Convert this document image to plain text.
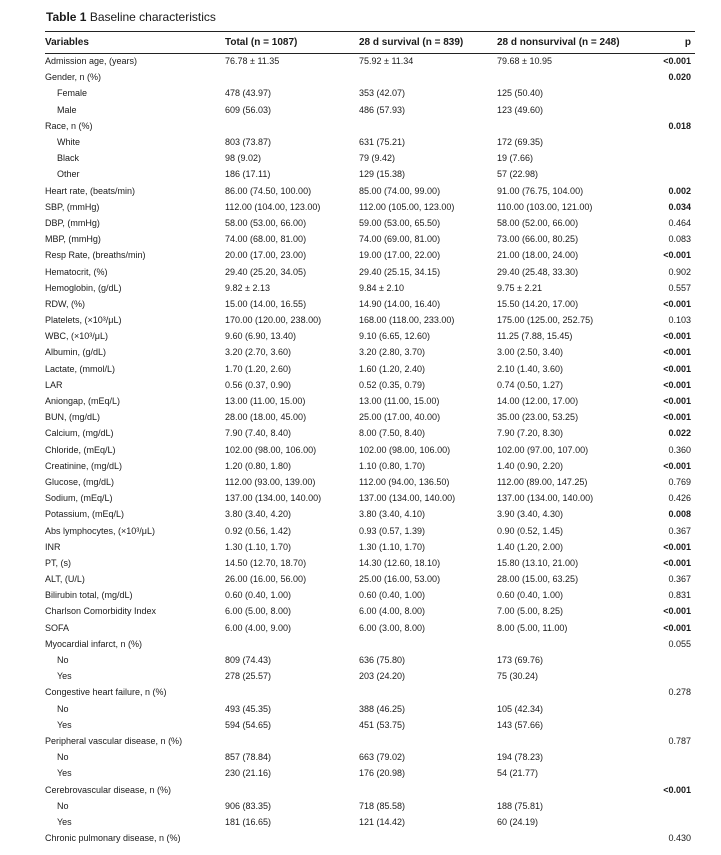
Table 1 Baseline characteristics
Variables	Total (n = 1087)	28 d survival (n = 839)	28 d nonsurvival (n = 248)	p
Admission age, (years)	76.78 ± 11.35	75.92 ± 11.34	79.68 ± 10.95	<0.001
Gender, n (%)				0.020
Female	478 (43.97)	353 (42.07)	125 (50.40)	
Male	609 (56.03)	486 (57.93)	123 (49.60)	
Race, n (%)				0.018
White	803 (73.87)	631 (75.21)	172 (69.35)	
Black	98 (9.02)	79 (9.42)	19 (7.66)	
Other	186 (17.11)	129 (15.38)	57 (22.98)	
Heart rate, (beats/min)	86.00 (74.50, 100.00)	85.00 (74.00, 99.00)	91.00 (76.75, 104.00)	0.002
SBP, (mmHg)	112.00 (104.00, 123.00)	112.00 (105.00, 123.00)	110.00 (103.00, 121.00)	0.034
DBP, (mmHg)	58.00 (53.00, 66.00)	59.00 (53.00, 65.50)	58.00 (52.00, 66.00)	0.464
MBP, (mmHg)	74.00 (68.00, 81.00)	74.00 (69.00, 81.00)	73.00 (66.00, 80.25)	0.083
Resp Rate, (breaths/min)	20.00 (17.00, 23.00)	19.00 (17.00, 22.00)	21.00 (18.00, 24.00)	<0.001
Hematocrit, (%)	29.40 (25.20, 34.05)	29.40 (25.15, 34.15)	29.40 (25.48, 33.30)	0.902
Hemoglobin, (g/dL)	9.82 ± 2.13	9.84 ± 2.10	9.75 ± 2.21	0.557
RDW, (%)	15.00 (14.00, 16.55)	14.90 (14.00, 16.40)	15.50 (14.20, 17.00)	<0.001
Platelets, (×10³/μL)	170.00 (120.00, 238.00)	168.00 (118.00, 233.00)	175.00 (125.00, 252.75)	0.103
WBC, (×10³/μL)	9.60 (6.90, 13.40)	9.10 (6.65, 12.60)	11.25 (7.88, 15.45)	<0.001
Albumin, (g/dL)	3.20 (2.70, 3.60)	3.20 (2.80, 3.70)	3.00 (2.50, 3.40)	<0.001
Lactate, (mmol/L)	1.70 (1.20, 2.60)	1.60 (1.20, 2.40)	2.10 (1.40, 3.60)	<0.001
LAR	0.56 (0.37, 0.90)	0.52 (0.35, 0.79)	0.74 (0.50, 1.27)	<0.001
Aniongap, (mEq/L)	13.00 (11.00, 15.00)	13.00 (11.00, 15.00)	14.00 (12.00, 17.00)	<0.001
BUN, (mg/dL)	28.00 (18.00, 45.00)	25.00 (17.00, 40.00)	35.00 (23.00, 53.25)	<0.001
Calcium, (mg/dL)	7.90 (7.40, 8.40)	8.00 (7.50, 8.40)	7.90 (7.20, 8.30)	0.022
Chloride, (mEq/L)	102.00 (98.00, 106.00)	102.00 (98.00, 106.00)	102.00 (97.00, 107.00)	0.360
Creatinine, (mg/dL)	1.20 (0.80, 1.80)	1.10 (0.80, 1.70)	1.40 (0.90, 2.20)	<0.001
Glucose, (mg/dL)	112.00 (93.00, 139.00)	112.00 (94.00, 136.50)	112.00 (89.00, 147.25)	0.769
Sodium, (mEq/L)	137.00 (134.00, 140.00)	137.00 (134.00, 140.00)	137.00 (134.00, 140.00)	0.426
Potassium, (mEq/L)	3.80 (3.40, 4.20)	3.80 (3.40, 4.10)	3.90 (3.40, 4.30)	0.008
Abs lymphocytes, (×10³/μL)	0.92 (0.56, 1.42)	0.93 (0.57, 1.39)	0.90 (0.52, 1.45)	0.367
INR	1.30 (1.10, 1.70)	1.30 (1.10, 1.70)	1.40 (1.20, 2.00)	<0.001
PT, (s)	14.50 (12.70, 18.70)	14.30 (12.60, 18.10)	15.80 (13.10, 21.00)	<0.001
ALT, (U/L)	26.00 (16.00, 56.00)	25.00 (16.00, 53.00)	28.00 (15.00, 63.25)	0.367
Bilirubin total, (mg/dL)	0.60 (0.40, 1.00)	0.60 (0.40, 1.00)	0.60 (0.40, 1.00)	0.831
Charlson Comorbidity Index	6.00 (5.00, 8.00)	6.00 (4.00, 8.00)	7.00 (5.00, 8.25)	<0.001
SOFA	6.00 (4.00, 9.00)	6.00 (3.00, 8.00)	8.00 (5.00, 11.00)	<0.001
Myocardial infarct, n (%)				0.055
No	809 (74.43)	636 (75.80)	173 (69.76)	
Yes	278 (25.57)	203 (24.20)	75 (30.24)	
Congestive heart failure, n (%)				0.278
No	493 (45.35)	388 (46.25)	105 (42.34)	
Yes	594 (54.65)	451 (53.75)	143 (57.66)	
Peripheral vascular disease, n (%)				0.787
No	857 (78.84)	663 (79.02)	194 (78.23)	
Yes	230 (21.16)	176 (20.98)	54 (21.77)	
Cerebrovascular disease, n (%)				<0.001
No	906 (83.35)	718 (85.58)	188 (75.81)	
Yes	181 (16.65)	121 (14.42)	60 (24.19)	
Chronic pulmonary disease, n (%)				0.430
